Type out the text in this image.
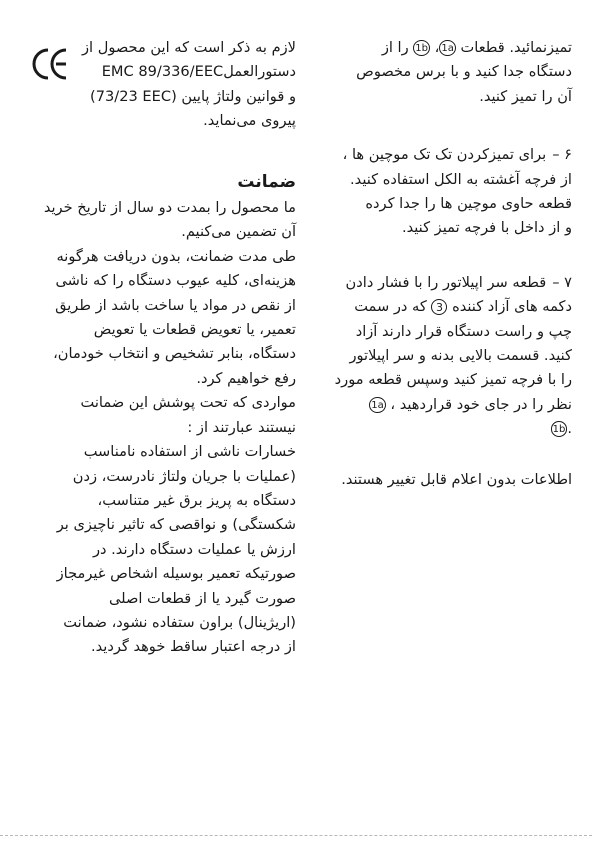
تمیزنمائید. قطعات 1a، 1b را از
دستگاه جدا کنید و با برس مخصوص
آن را تمیز کنید.
۶ –برای تمیزکردن تک تک موچین ها ،
از فرچه آغشته به الکل استفاده کنید.
قطعه حاوی موچین ها را جدا کرده
و از داخل با فرچه تمیز کنید.
۷ –قطعه سر اپیلاتور را با فشار دادن
دکمه های آزاد کننده 3 که در سمت
چپ و راست دستگاه قرار دارند آزاد
کنید. قسمت بالایی بدنه و سر اپیلاتور
را با فرچه تمیز کنید وسپس قطعه مورد
نظر را در جای خود قراردهید ، 1a
.1b
اطلاعات بدون اعلام قابل تغییر هستند.
لازم به ذکر است که این محصول از
دستورالعملEMC 89/336/EEC
و قوانین ولتاژ پایین (73/23 EEC)
پیروی می‌نماید.
ضمانت
ما محصول را بمدت دو سال از تاریخ خرید
آن تضمین می‌کنیم.
طی مدت ضمانت، بدون دریافت هرگونه
هزینه‌ای، کلیه عیوب دستگاه را که ناشی
از نقص در مواد یا ساخت باشد از طریق
تعمیر، یا تعویض قطعات یا تعویض
دستگاه، بنابر تشخیص و انتخاب خودمان،
رفع خواهیم کرد.
مواردی که تحت پوشش این ضمانت
نیستند عبارتند از :
خسارات ناشی از استفاده نامناسب
(عملیات با جریان ولتاژ نادرست، زدن
دستگاه به پریز برق غیر متناسب،
شکستگی) و نواقصی که تاثیر ناچیزی بر
ارزش یا عملیات دستگاه دارند. در
صورتیکه تعمیر بوسیله اشخاص غیرمجاز
صورت گیرد یا از قطعات اصلی
(اریژینال) براون ستفاده نشود، ضمانت
از درجه اعتبار ساقط خوهد گردید.
